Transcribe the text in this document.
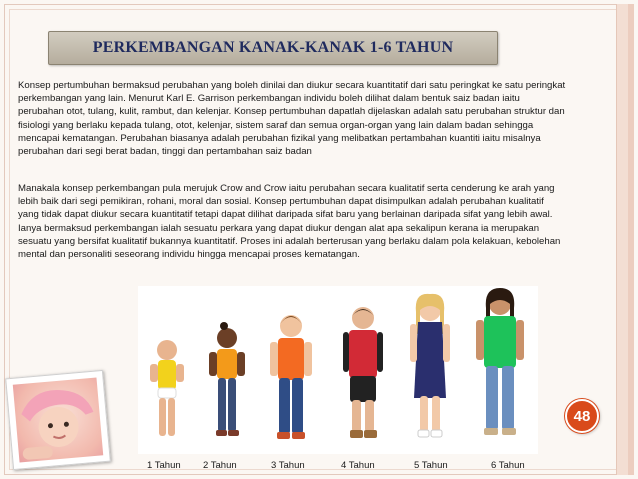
PERKEMBANGAN KANAK-KANAK 1-6 TAHUN

Konsep pertumbuhan bermaksud perubahan yang boleh dinilai dan diukur secara kuantitatif dari satu peringkat ke satu peringkat perkembangan yang lain. Menurut Karl E. Garrison perkembangan individu boleh dilihat dalam bentuk saiz badan iaitu perubahan otot, tulang, kulit, rambut, dan kelenjar. Konsep pertumbuhan dapatlah dijelaskan adalah satu perubahan struktur dan fisiologi yang berlaku kepada tulang, otot, kelenjar, sistem saraf dan semua organ-organ yang lain dalam badan sehingga mencapai kematangan. Perubahan biasanya adalah perubahan fizikal yang melibatkan pertambahan kuantiti iaitu misalnya perubahan dari segi berat badan, tinggi dan pertambahan saiz badan

Manakala konsep perkembangan pula merujuk Crow and Crow iaitu perubahan secara kualitatif serta cenderung ke arah yang lebih baik dari segi pemikiran, rohani, moral dan sosial. Konsep pertumbuhan dapat disimpulkan adalah perubahan kualitatif yang tidak dapat diukur secara kuantitatif tetapi dapat dilihat daripada sifat baru yang berlainan daripada sifat yang lebih awal. Ianya bermaksud perkembangan ialah sesuatu perkara yang dapat diukur dengan alat apa sekalipun kerana ia merupakan sesuatu yang bersifat kualitatif bukannya kuantitatif. Proses ini adalah berterusan yang berlaku dalam pola kelakuan, kebolehan mental dan personaliti seseorang individu hingga mencapai proses kematangan.

1 Tahun 2 Tahun	3 Tahun	4 Tahun	5 Tahun	6 Tahun
48
